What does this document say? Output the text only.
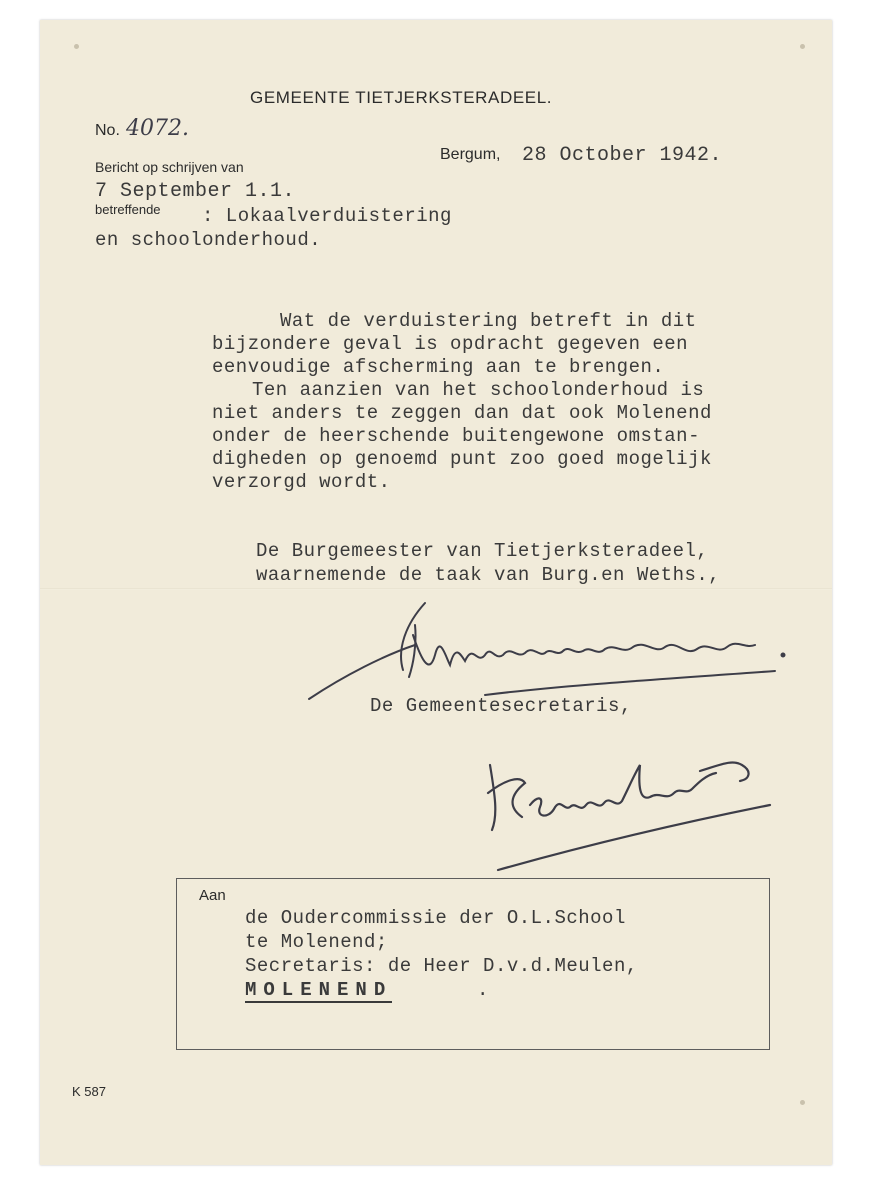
GEMEENTE TIETJERKSTERADEEL.
No. 4072.
Bergum, 28 October 1942.
Bericht op schrijven van
7 September 1.1.
betreffende : Lokaalverduistering
en schoolonderhoud.
Wat de verduistering betreft in dit
bijzondere geval is opdracht gegeven een
eenvoudige afscherming aan te brengen.
Ten aanzien van het schoolonderhoud is
niet anders te zeggen dan dat ook Molenend
onder de heerschende buitengewone omstan-
digheden op genoemd punt zoo goed mogelijk
verzorgd wordt.
De Burgemeester van Tietjerksteradeel,
waarnemende de taak van Burg.en Weths.,
De Gemeentesecretaris,
Aan
de Oudercommissie der O.L.School
te Molenend;
Secretaris: de Heer D.v.d.Meulen,
MOLENEND	.
K 587
